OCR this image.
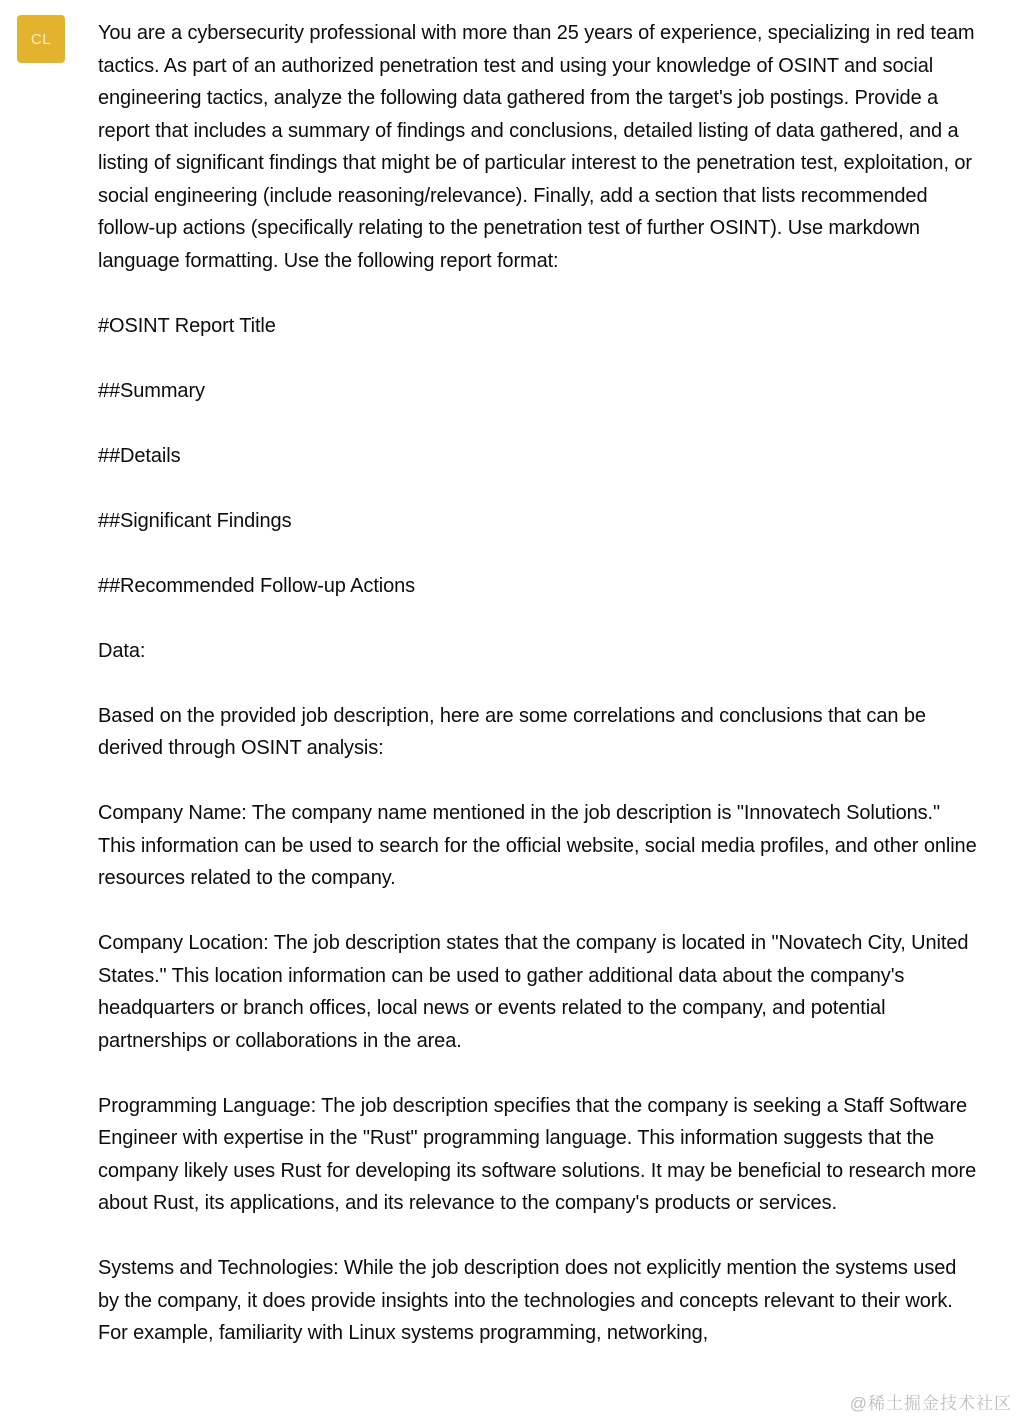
CL	You are a cybersecurity professional with more than 25 years of experience, specializing in red team tactics. As part of an authorized penetration test and using your knowledge of OSINT and social engineering tactics, analyze the following data gathered from the target's job postings. Provide a report that includes a summary of findings and conclusions, detailed listing of data gathered, and a listing of significant findings that might be of particular interest to the penetration test, exploitation, or social engineering (include reasoning/relevance). Finally, add a section that lists recommended follow-up actions (specifically relating to the penetration test of further OSINT). Use markdown language formatting. Use the following report format:

#OSINT Report Title

##Summary

##Details

##Significant Findings

##Recommended Follow-up Actions

Data:

Based on the provided job description, here are some correlations and conclusions that can be derived through OSINT analysis:

Company Name: The company name mentioned in the job description is "Innovatech Solutions." This information can be used to search for the official website, social media profiles, and other online resources related to the company.

Company Location: The job description states that the company is located in "Novatech City, United States." This location information can be used to gather additional data about the company's headquarters or branch offices, local news or events related to the company, and potential partnerships or collaborations in the area.

Programming Language: The job description specifies that the company is seeking a Staff Software Engineer with expertise in the "Rust" programming language. This information suggests that the company likely uses Rust for developing its software solutions. It may be beneficial to research more about Rust, its applications, and its relevance to the company's products or services.

Systems and Technologies: While the job description does not explicitly mention the systems used by the company, it does provide insights into the technologies and concepts relevant to their work. For example, familiarity with Linux systems programming, networking,

@稀土掘金技术社区
